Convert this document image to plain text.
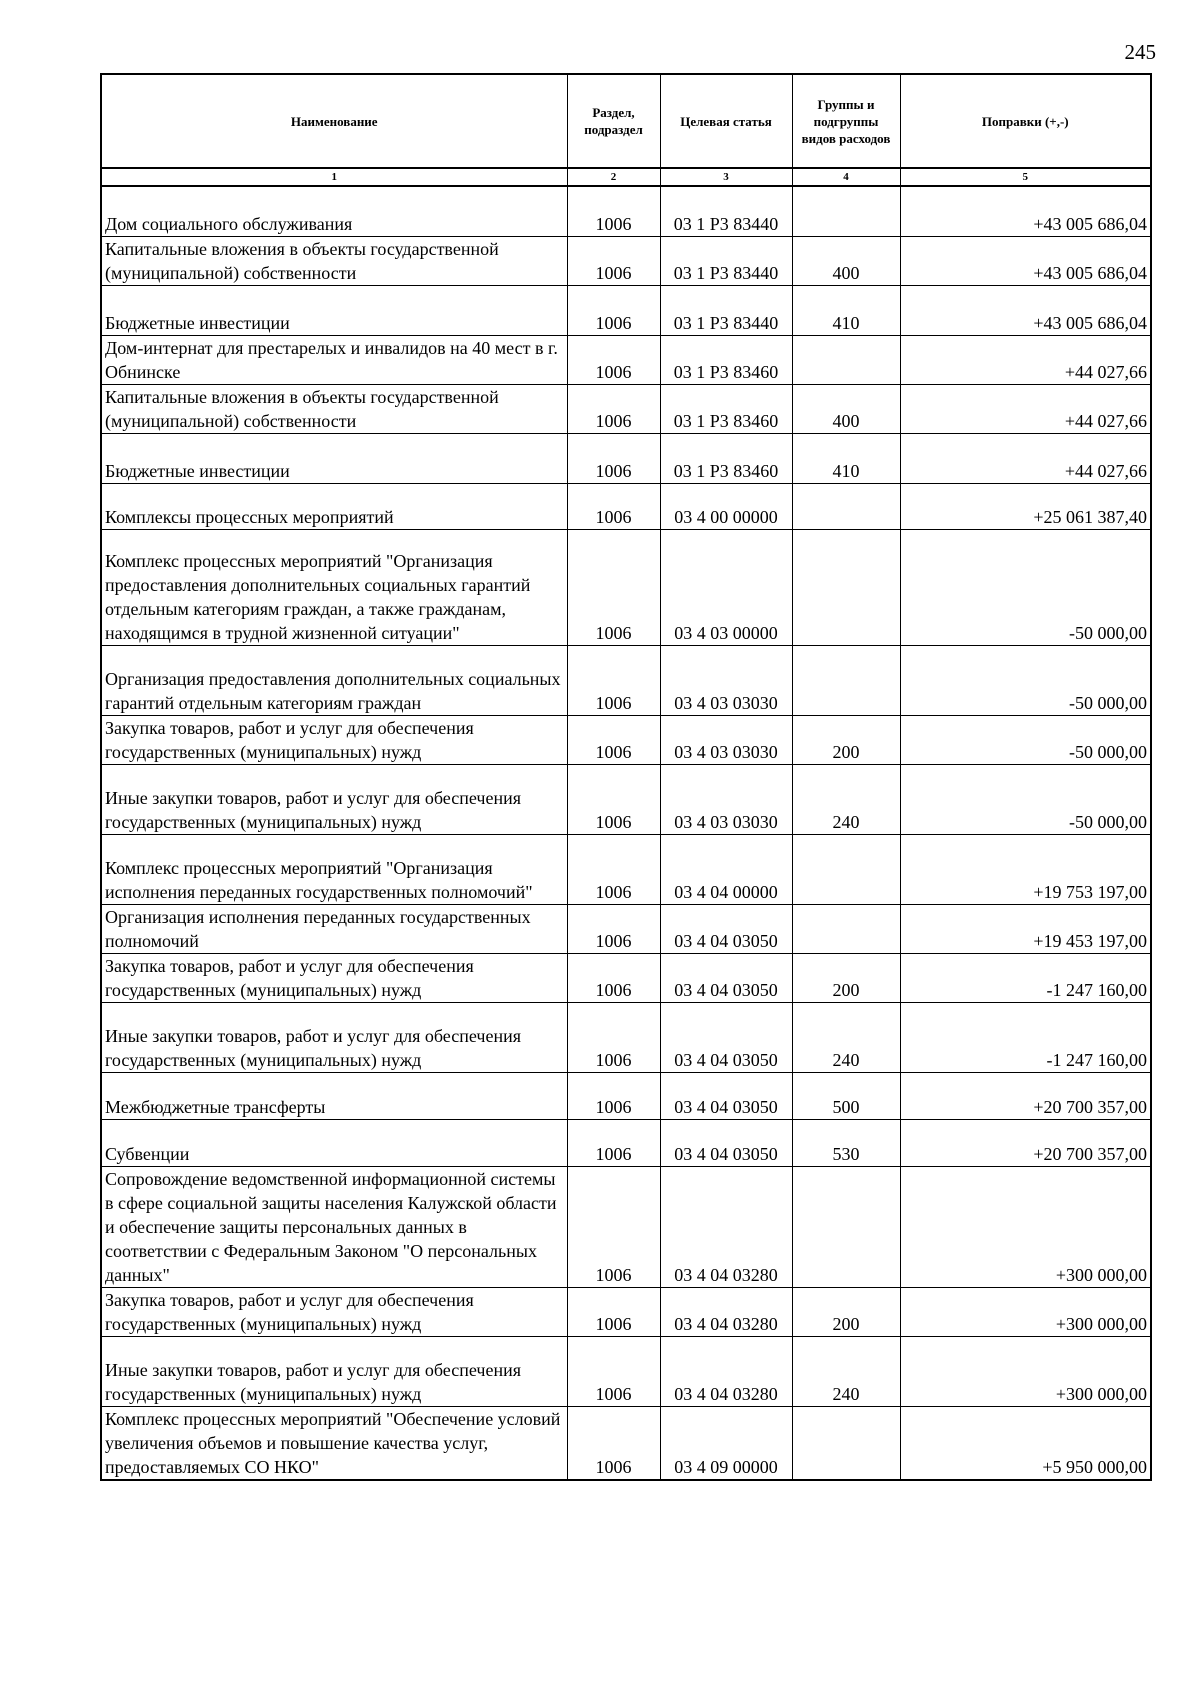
245
Наименование	Раздел, подраздел	Целевая статья	Группы и подгруппы видов расходов	Поправки (+,-)
1	2	3	4	5
Дом социального обслуживания	1006	03 1 P3 83440		+43 005 686,04
Капитальные вложения в объекты государственной (муниципальной) собственности	1006	03 1 P3 83440	400	+43 005 686,04
Бюджетные инвестиции	1006	03 1 P3 83440	410	+43 005 686,04
Дом-интернат для престарелых и инвалидов на 40 мест в г. Обнинске	1006	03 1 P3 83460		+44 027,66
Капитальные вложения в объекты государственной (муниципальной) собственности	1006	03 1 P3 83460	400	+44 027,66
Бюджетные инвестиции	1006	03 1 P3 83460	410	+44 027,66
Комплексы процессных мероприятий	1006	03 4 00 00000		+25 061 387,40
Комплекс процессных мероприятий "Организация предоставления дополнительных социальных гарантий отдельным категориям граждан, а также гражданам, находящимся в трудной жизненной ситуации"	1006	03 4 03 00000		-50 000,00
Организация предоставления дополнительных социальных гарантий отдельным категориям граждан	1006	03 4 03 03030		-50 000,00
Закупка товаров, работ и услуг для обеспечения государственных (муниципальных) нужд	1006	03 4 03 03030	200	-50 000,00
Иные закупки товаров, работ и услуг для обеспечения государственных (муниципальных) нужд	1006	03 4 03 03030	240	-50 000,00
Комплекс процессных мероприятий "Организация исполнения переданных государственных полномочий"	1006	03 4 04 00000		+19 753 197,00
Организация исполнения переданных государственных полномочий	1006	03 4 04 03050		+19 453 197,00
Закупка товаров, работ и услуг для обеспечения государственных (муниципальных) нужд	1006	03 4 04 03050	200	-1 247 160,00
Иные закупки товаров, работ и услуг для обеспечения государственных (муниципальных) нужд	1006	03 4 04 03050	240	-1 247 160,00
Межбюджетные трансферты	1006	03 4 04 03050	500	+20 700 357,00
Субвенции	1006	03 4 04 03050	530	+20 700 357,00
Сопровождение ведомственной информационной системы в сфере социальной защиты населения Калужской области и обеспечение защиты персональных данных в соответствии с Федеральным Законом "О персональных данных"	1006	03 4 04 03280		+300 000,00
Закупка товаров, работ и услуг для обеспечения государственных (муниципальных) нужд	1006	03 4 04 03280	200	+300 000,00
Иные закупки товаров, работ и услуг для обеспечения государственных (муниципальных) нужд	1006	03 4 04 03280	240	+300 000,00
Комплекс процессных мероприятий "Обеспечение условий увеличения объемов и повышение качества услуг, предоставляемых СО НКО"	1006	03 4 09 00000		+5 950 000,00
